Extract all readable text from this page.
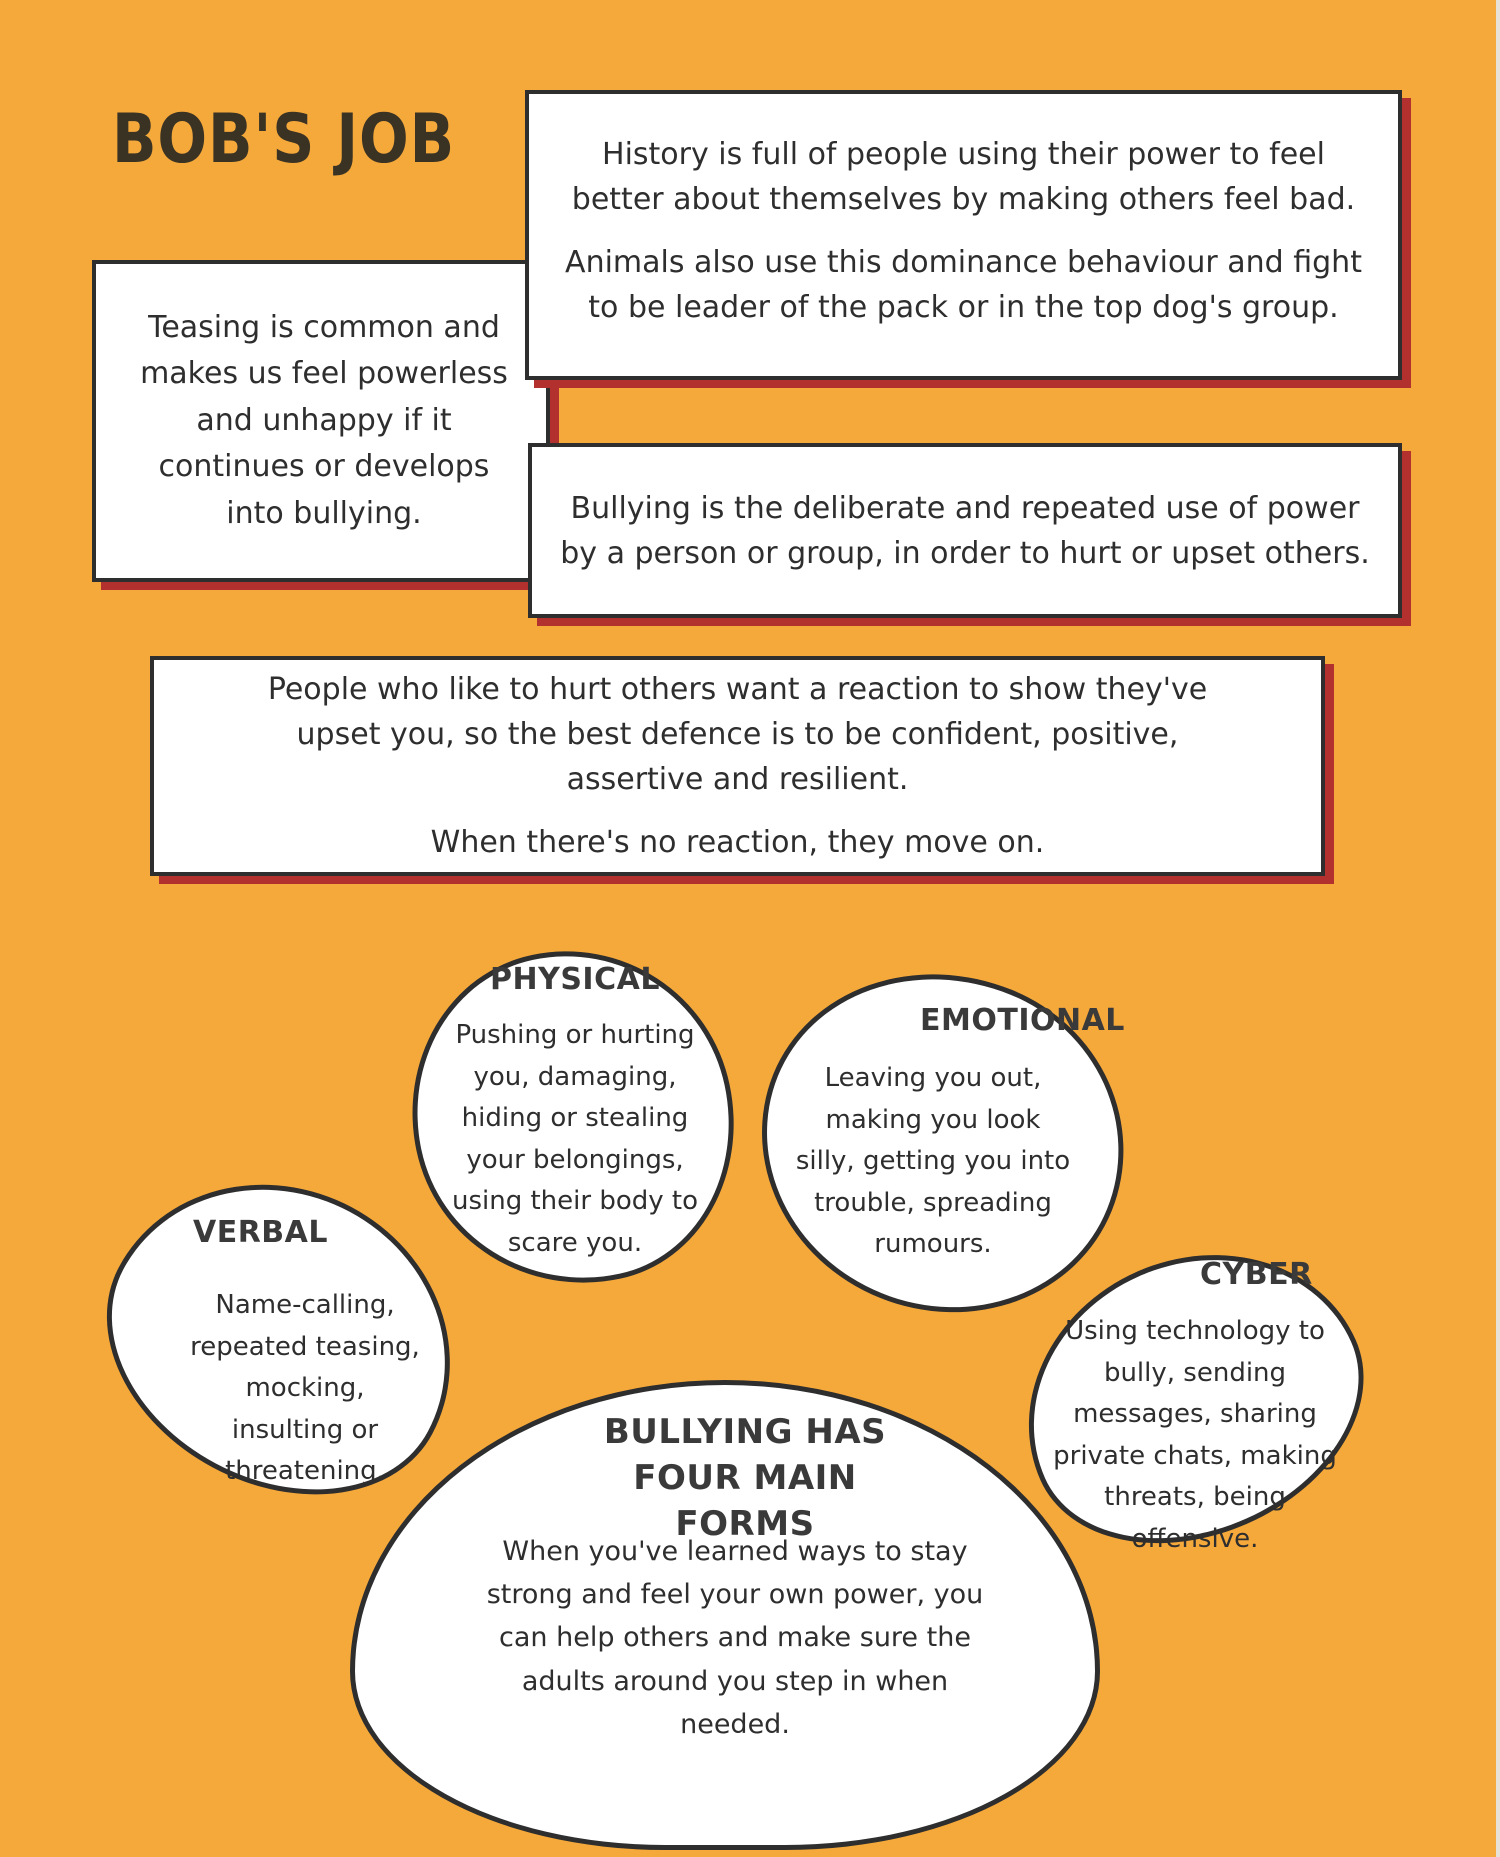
BOB'S JOB

Teasing is common and makes us feel powerless and unhappy if it continues or develops into bullying.

History is full of people using their power to feel better about themselves by making others feel bad.

Animals also use this dominance behaviour and fight to be leader of the pack or in the top dog's group.

Bullying is the deliberate and repeated use of power by a person or group, in order to hurt or upset others.

People who like to hurt others want a reaction to show they've upset you, so the best defence is to be confident, positive, assertive and resilient.

When there's no reaction, they move on.

PHYSICAL

Pushing or hurting you, damaging, hiding or stealing your belongings, using their body to scare you.

EMOTIONAL

Leaving you out, making you look silly, getting you into trouble, spreading rumours.

VERBAL

Name-calling, repeated teasing, mocking, insulting or threatening.

CYBER

Using technology to bully, sending messages, sharing private chats, making threats, being offensive.

BULLYING HAS FOUR MAIN FORMS

When you've learned ways to stay strong and feel your own power, you can help others and make sure the adults around you step in when needed.
